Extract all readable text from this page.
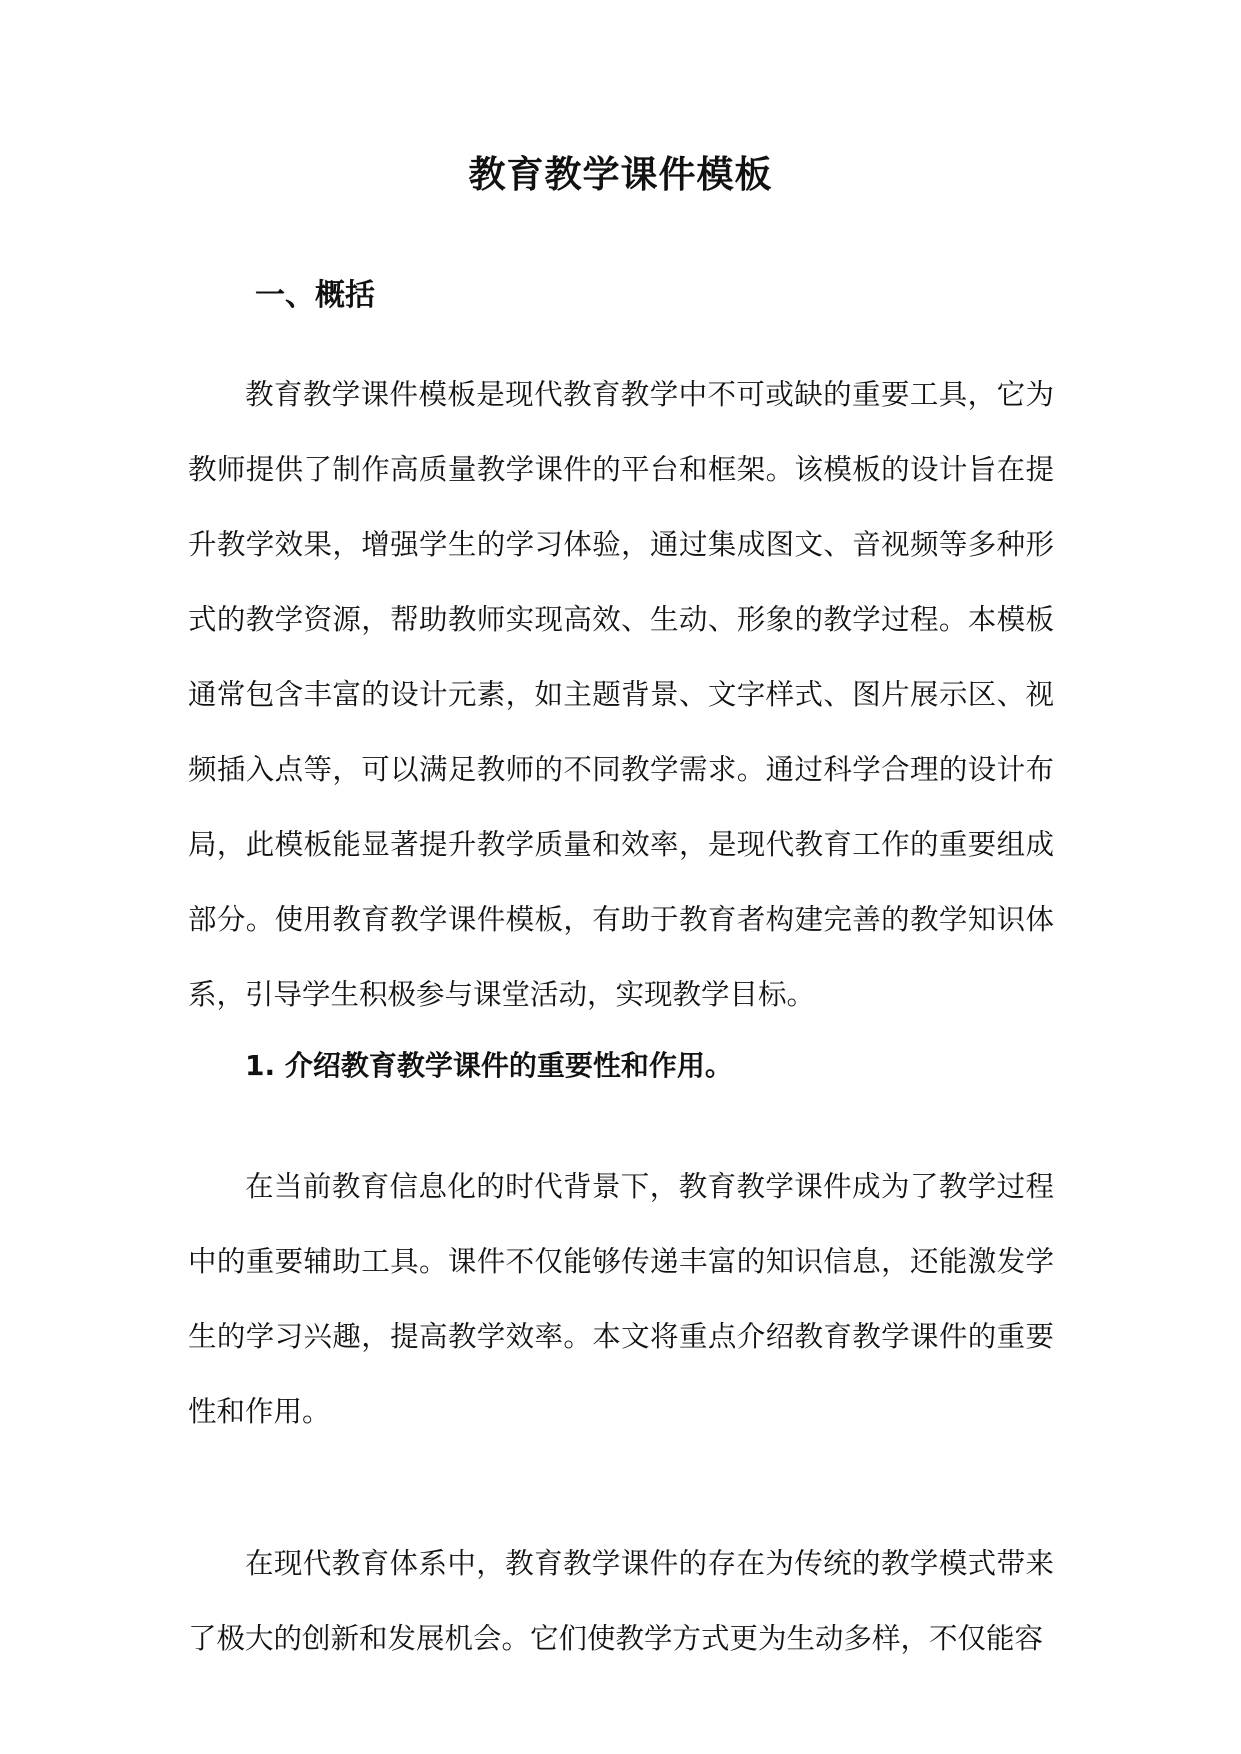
教育教学课件模板
一、概括

教育教学课件模板是现代教育教学中不可或缺的重要工具，它为教师提供了制作高质量教学课件的平台和框架。该模板的设计旨在提升教学效果，增强学生的学习体验，通过集成图文、音视频等多种形式的教学资源，帮助教师实现高效、生动、形象的教学过程。本模板通常包含丰富的设计元素，如主题背景、文字样式、图片展示区、视频插入点等，可以满足教师的不同教学需求。通过科学合理的设计布局，此模板能显著提升教学质量和效率，是现代教育工作的重要组成部分。使用教育教学课件模板，有助于教育者构建完善的教学知识体系，引导学生积极参与课堂活动，实现教学目标。

1. 介绍教育教学课件的重要性和作用。

在当前教育信息化的时代背景下，教育教学课件成为了教学过程中的重要辅助工具。课件不仅能够传递丰富的知识信息，还能激发学生的学习兴趣，提高教学效率。本文将重点介绍教育教学课件的重要性和作用。

在现代教育体系中，教育教学课件的存在为传统的教学模式带来了极大的创新和发展机会。它们使教学方式更为生动多样，不仅能容
